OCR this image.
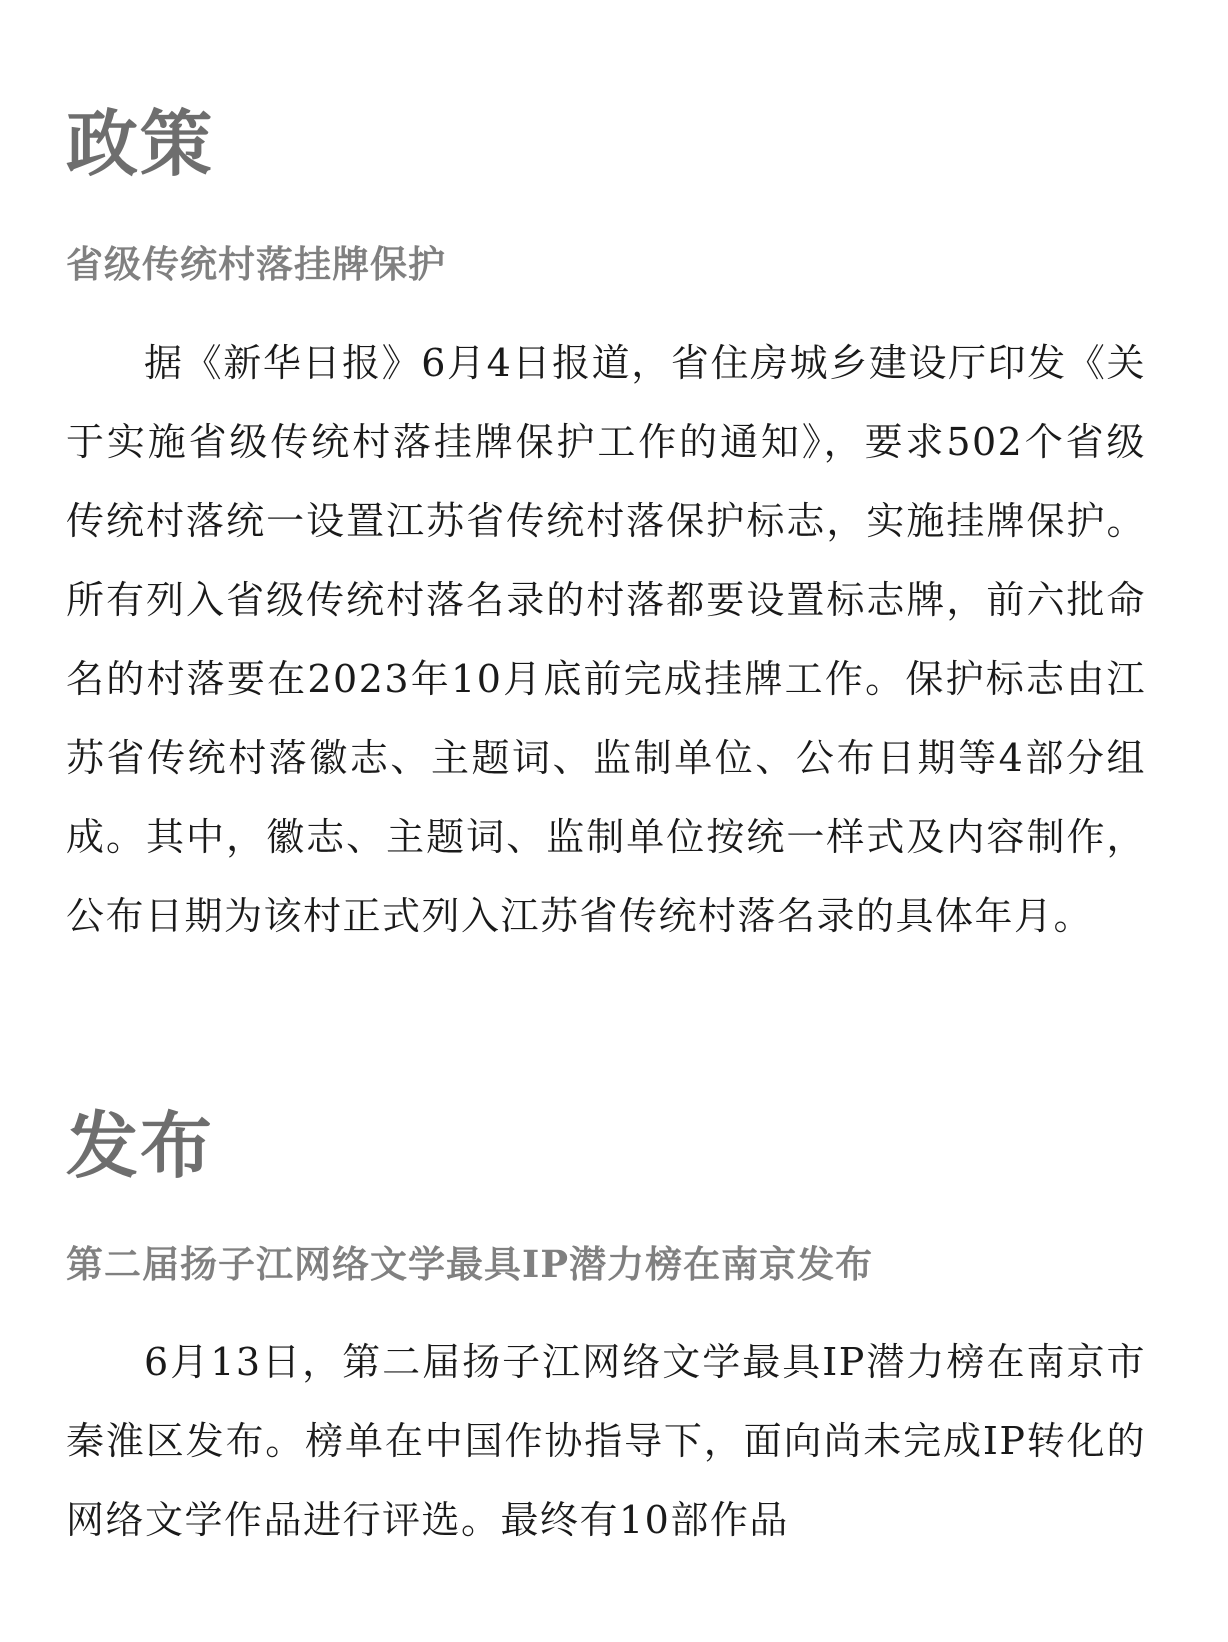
政策
省级传统村落挂牌保护

据《新华日报》6月4日报道，省住房城乡建设厅印发《关于实施省级传统村落挂牌保护工作的通知》，要求502个省级传统村落统一设置江苏省传统村落保护标志，实施挂牌保护。所有列入省级传统村落名录的村落都要设置标志牌，前六批命名的村落要在2023年10月底前完成挂牌工作。保护标志由江苏省传统村落徽志、主题词、监制单位、公布日期等4部分组成。其中，徽志、主题词、监制单位按统一样式及内容制作，公布日期为该村正式列入江苏省传统村落名录的具体年月。

发布
第二届扬子江网络文学最具IP潜力榜在南京发布

6月13日，第二届扬子江网络文学最具IP潜力榜在南京市秦淮区发布。榜单在中国作协指导下，面向尚未完成IP转化的网络文学作品进行评选。最终有10部作品
